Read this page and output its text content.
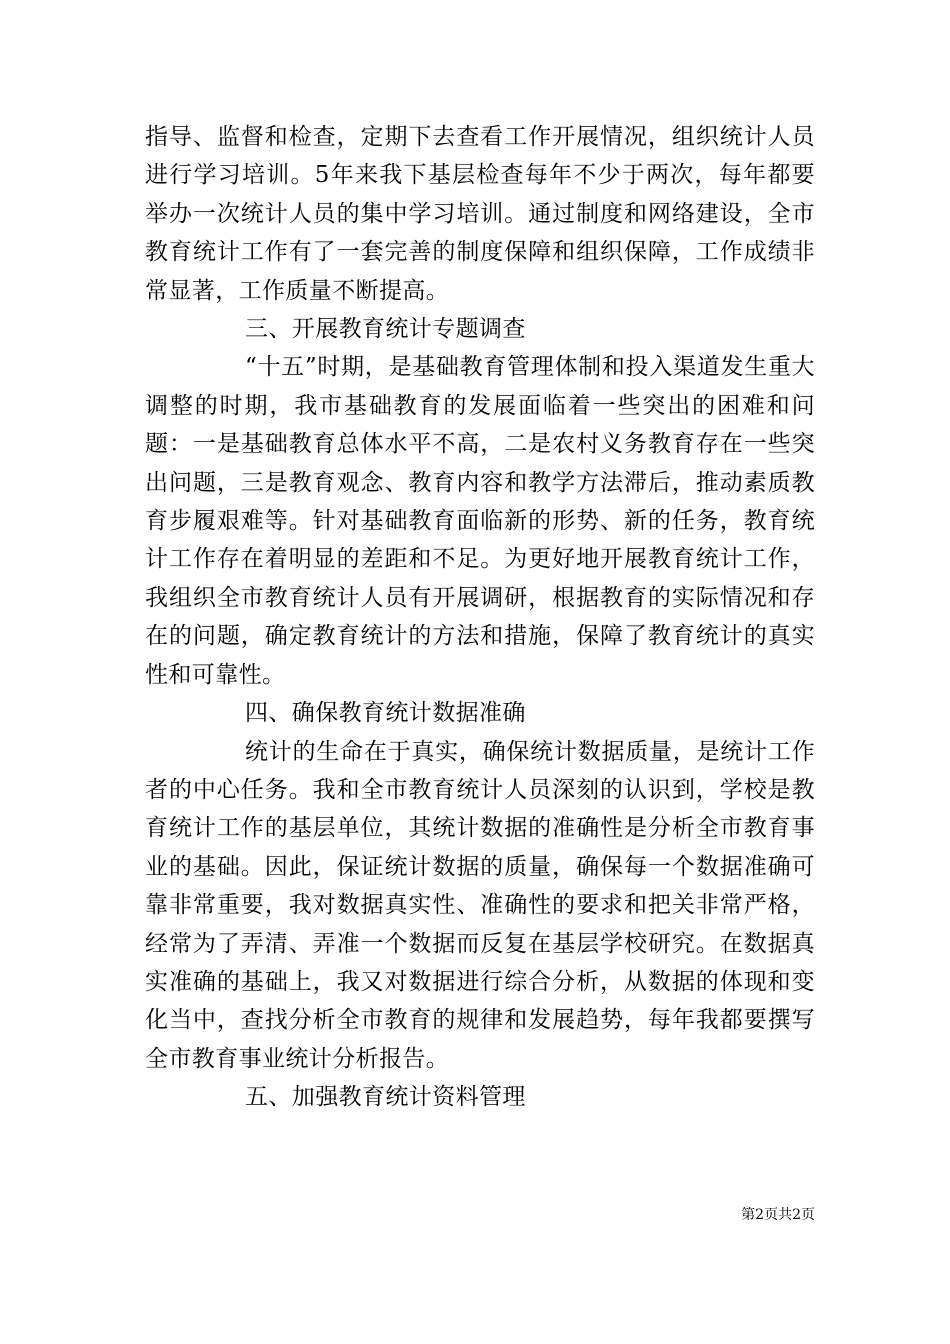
指导、监督和检查，定期下去查看工作开展情况，组织统计人员进行学习培训。5年来我下基层检查每年不少于两次，每年都要举办一次统计人员的集中学习培训。通过制度和网络建设，全市教育统计工作有了一套完善的制度保障和组织保障，工作成绩非常显著，工作质量不断提高。

三、开展教育统计专题调查

“十五”时期，是基础教育管理体制和投入渠道发生重大调整的时期，我市基础教育的发展面临着一些突出的困难和问题：一是基础教育总体水平不高，二是农村义务教育存在一些突出问题，三是教育观念、教育内容和教学方法滞后，推动素质教育步履艰难等。针对基础教育面临新的形势、新的任务，教育统计工作存在着明显的差距和不足。为更好地开展教育统计工作，我组织全市教育统计人员有开展调研，根据教育的实际情况和存在的问题，确定教育统计的方法和措施，保障了教育统计的真实性和可靠性。

四、确保教育统计数据准确

统计的生命在于真实，确保统计数据质量，是统计工作者的中心任务。我和全市教育统计人员深刻的认识到，学校是教育统计工作的基层单位，其统计数据的准确性是分析全市教育事业的基础。因此，保证统计数据的质量，确保每一个数据准确可靠非常重要，我对数据真实性、准确性的要求和把关非常严格，经常为了弄清、弄准一个数据而反复在基层学校研究。在数据真实准确的基础上，我又对数据进行综合分析，从数据的体现和变化当中，查找分析全市教育的规律和发展趋势，每年我都要撰写全市教育事业统计分析报告。

五、加强教育统计资料管理

第2页共2页
